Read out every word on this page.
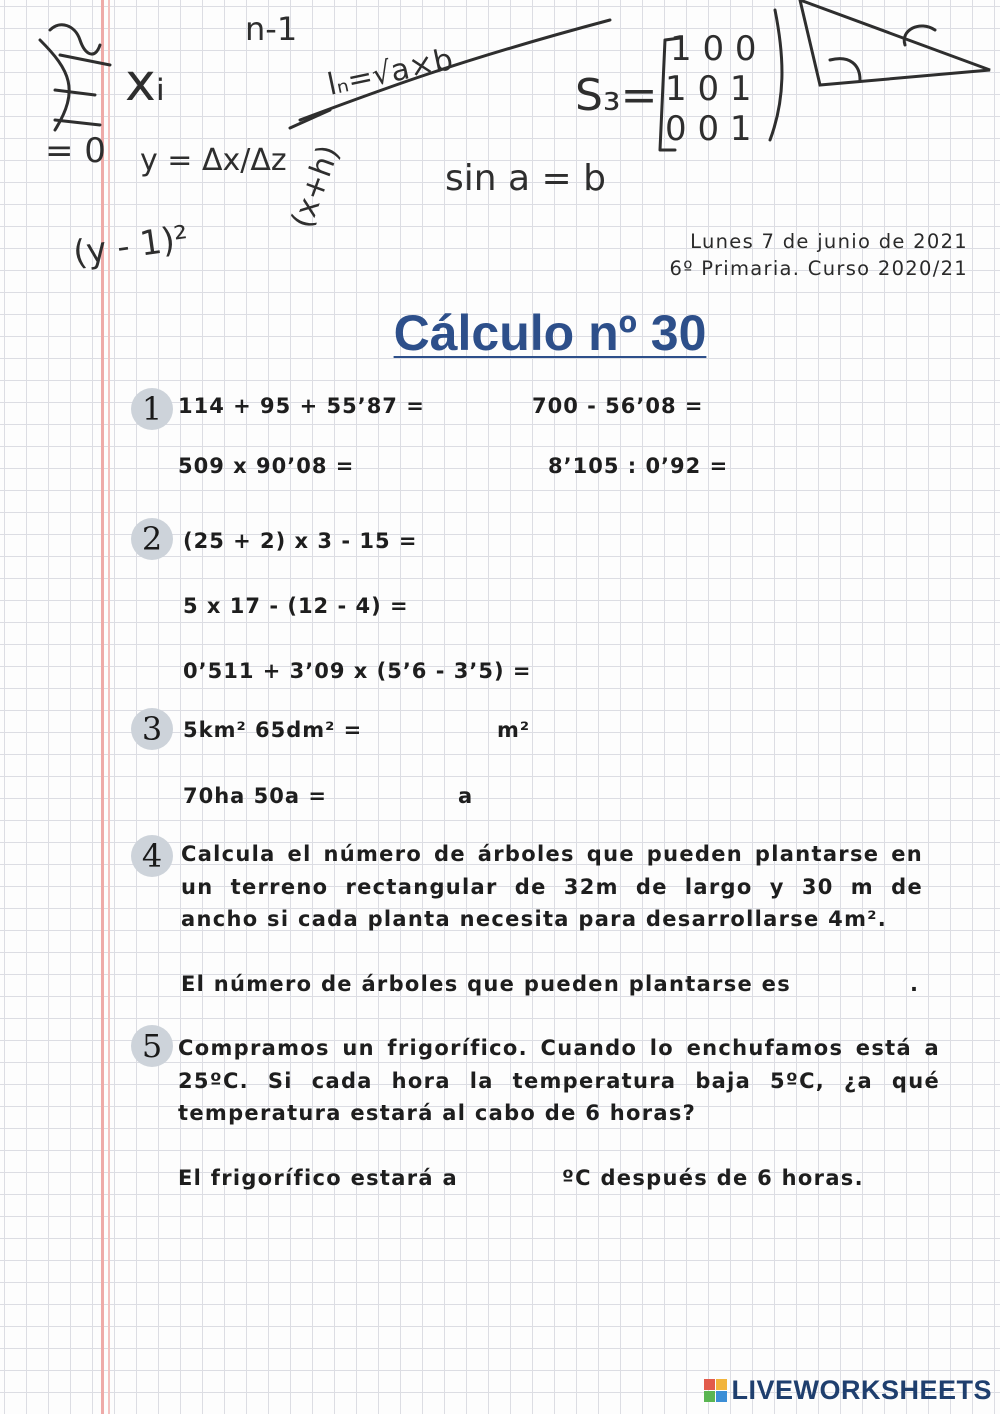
xᵢ
= 0 y = Δx/Δz
lₙ=√a×b	S₃=
1 0 0
1 0 1
0 0 1
sin a = b
(y - 1)²
(x+h)
n-1
Lunes 7 de junio de 2021
6º Primaria. Curso 2020/21
Cálculo nº 30
1 114 + 95 + 55’87 =	700 - 56’08 =
509 x 90’08 =	8’105 : 0’92 =
2 (25 + 2) x 3 - 15 =
5 x 17 - (12 - 4) =
0’511 + 3’09 x (5’6 - 3’5) =
3 5km² 65dm² =	m²
70ha 50a =	a
4 Calcula el número de árboles que pueden plantarse en un terreno rectangular de 32m de largo y 30 m de ancho si cada planta necesita para desarrollarse 4m².
El número de árboles que pueden plantarse es	.
5 Compramos un frigorífico. Cuando lo enchufamos está a 25ºC. Si cada hora la temperatura baja 5ºC, ¿a qué temperatura estará al cabo de 6 horas?
El frigorífico estará a	ºC después de 6 horas.
LIVEWORKSHEETS
